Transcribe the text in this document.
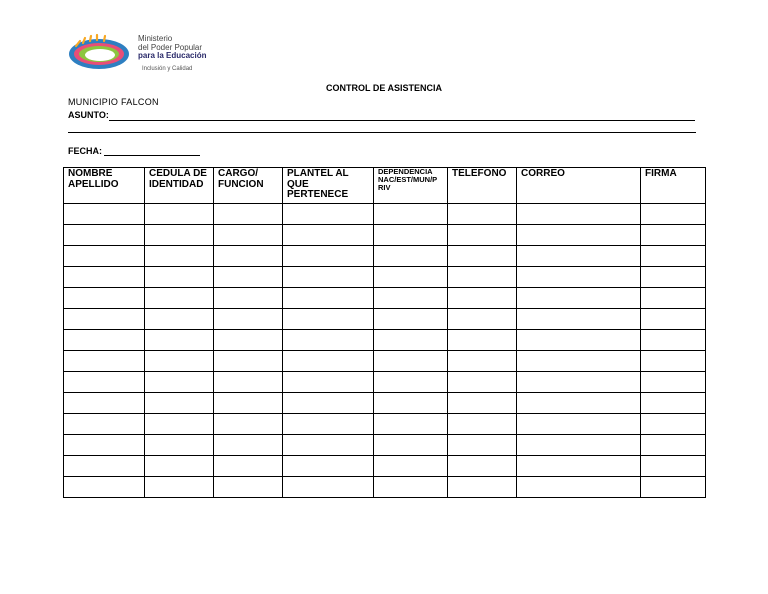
Ministerio
del Poder Popular
para la Educación
Inclusión y Calidad
CONTROL DE ASISTENCIA
MUNICIPIO FALCON
ASUNTO:
FECHA:
NOMBRE APELLIDO	CEDULA DE IDENTIDAD	CARGO/ FUNCION	PLANTEL AL QUE PERTENECE	DEPENDENCIA NAC/EST/MUN/P RIV	TELEFONO	CORREO	FIRMA
